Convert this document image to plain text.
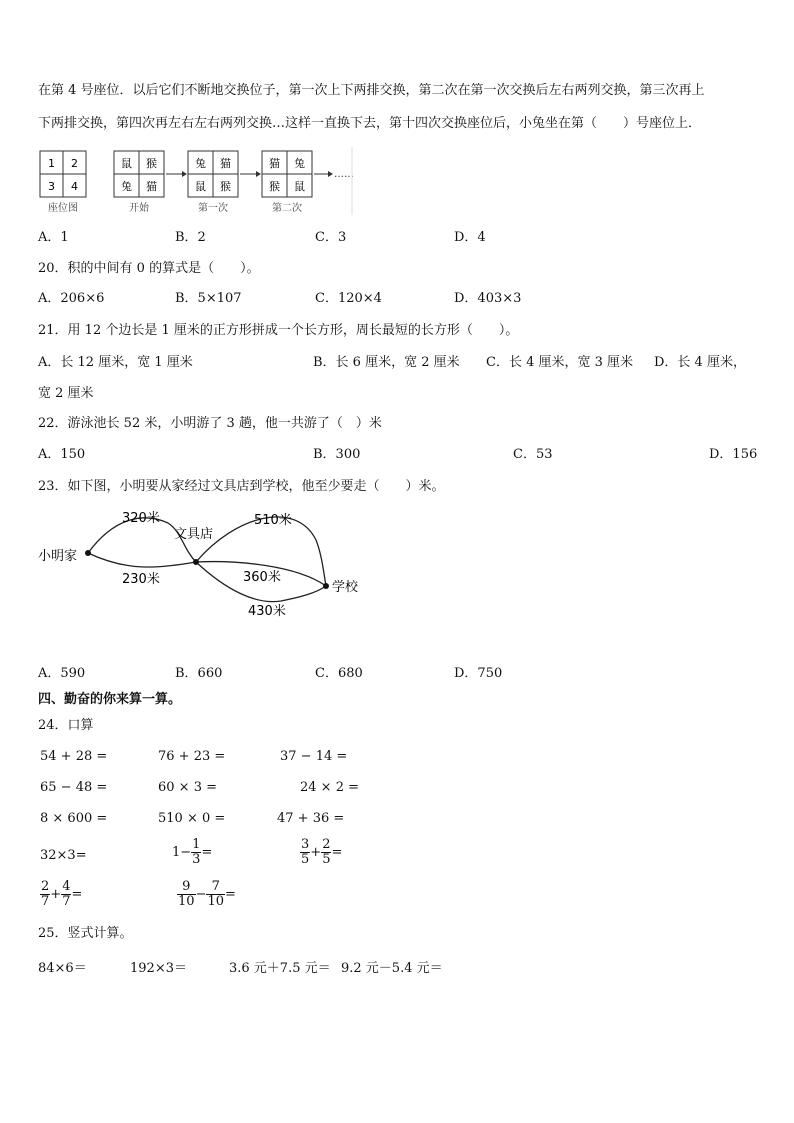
在第 4 号座位．以后它们不断地交换位子，第一次上下两排交换，第二次在第一次交换后左右两列交换，第三次再上
下两排交换，第四次再左右左右两列交换…这样一直换下去，第十四次交换座位后，小兔坐在第（　　）号座位上．
1 2
3 4
座位图
鼠 猴
兔 猫
开始
兔 猫
鼠 猴
第一次
猫 兔
猴 鼠
第二次
……
A．1	B．2	C．3	D．4
20．积的中间有 0 的算式是（　　）。
A．206×6	B．5×107	C．120×4	D．403×3
21．用 12 个边长是 1 厘米的正方形拼成一个长方形，周长最短的长方形（　　）。
A．长 12 厘米，宽 1 厘米	B．长 6 厘米，宽 2 厘米 C．长 4 厘米，宽 3 厘米 D．长 4 厘米，
宽 2 厘米
22．游泳池长 52 米，小明游了 3 趟，他一共游了（　）米
A．150	B．300	C．53	D．156
23．如下图，小明要从家经过文具店到学校，他至少要走（　　）米。
小明家
文具店
学校
320米
230米
510米
360米
430米
A．590	B．660	C．680	D．750
四、勤奋的你来算一算。
24．口算
54 + 28 =	76 + 23 =	37 − 14 =
65 − 48 =	60 × 3 =	24 × 2 =
8 × 600 =	510 × 0 =	47 + 36 =
32×3=	$1- \frac{1}{3}$ =	$\frac{3}{5} + \frac{2}{5}$ =
$\frac{2}{7} + \frac{4}{7}$ =	$\frac{9}{10} - \frac{7}{10}$ =
25．竖式计算。
84×6＝	192×3＝	3.6 元＋7.5 元＝ 9.2 元－5.4 元＝
